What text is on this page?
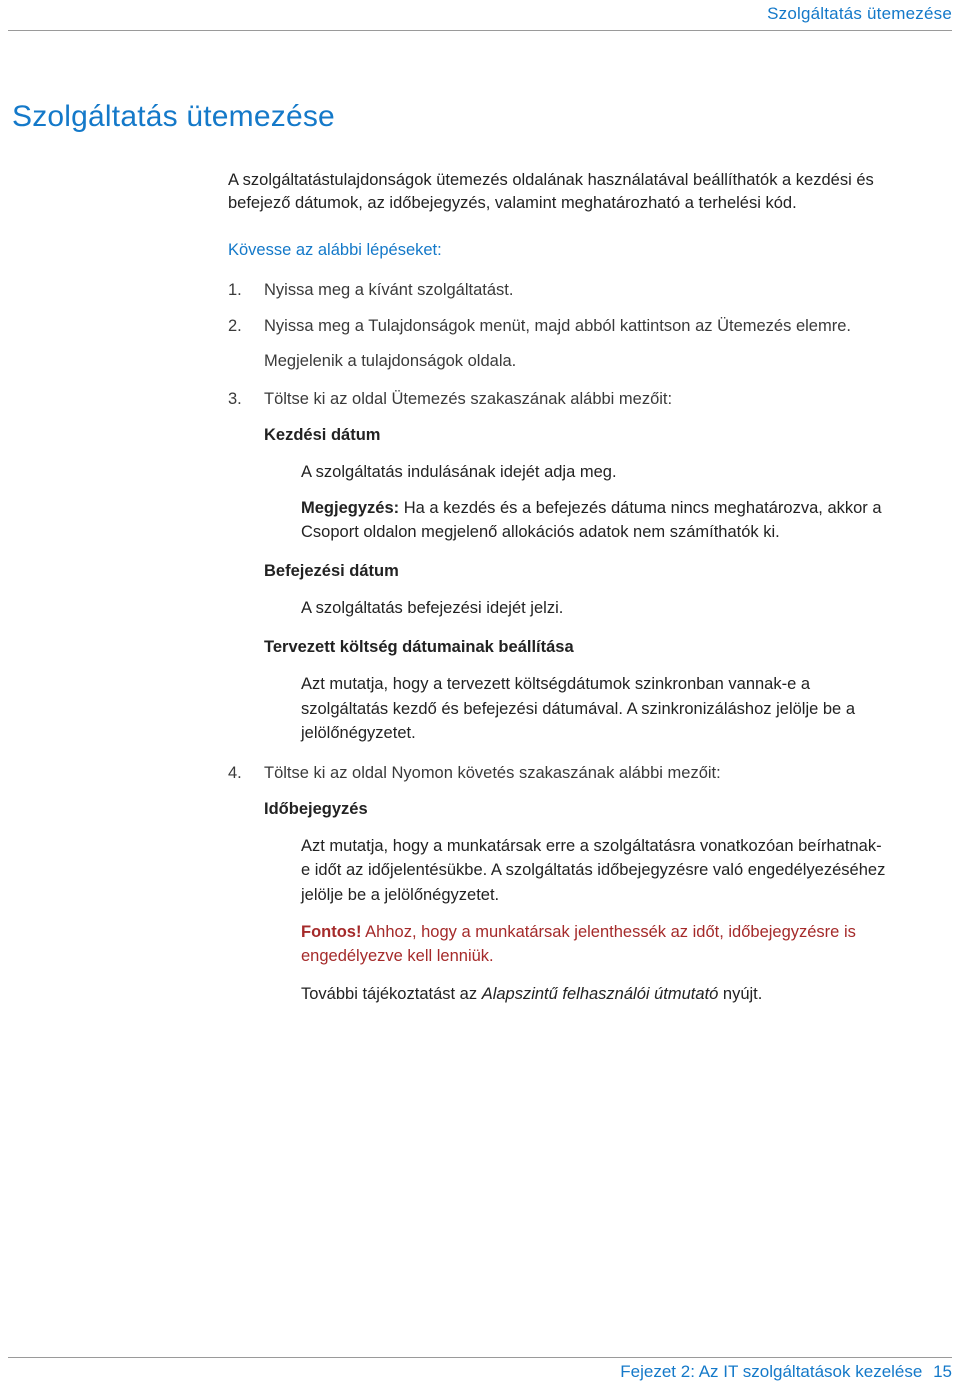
Szolgáltatás ütemezése
Szolgáltatás ütemezése

A szolgáltatástulajdonságok ütemezés oldalának használatával beállíthatók a kezdési és

befejező dátumok, az időbejegyzés, valamint meghatározható a terhelési kód.

Kövesse az alábbi lépéseket:

1. Nyissa meg a kívánt szolgáltatást.
2. Nyissa meg a Tulajdonságok menüt, majd abból kattintson az Ütemezés elemre.
Megjelenik a tulajdonságok oldala.
3. Töltse ki az oldal Ütemezés szakaszának alábbi mezőit:
Kezdési dátum
A szolgáltatás indulásának idejét adja meg.

Megjegyzés: Ha a kezdés és a befejezés dátuma nincs meghatározva, akkor a

Csoport oldalon megjelenő allokációs adatok nem számíthatók ki.
Befejezési dátum
A szolgáltatás befejezési idejét jelzi.
Tervezett költség dátumainak beállítása
Azt mutatja, hogy a tervezett költségdátumok szinkronban vannak-e a
szolgáltatás kezdő és befejezési dátumával. A szinkronizáláshoz jelölje be a
jelölőnégyzetet.
4. Töltse ki az oldal Nyomon követés szakaszának alábbi mezőit:
Időbejegyzés
Azt mutatja, hogy a munkatársak erre a szolgáltatásra vonatkozóan beírhatnak-
e időt az időjelentésükbe. A szolgáltatás időbejegyzésre való engedélyezéséhez
jelölje be a jelölőnégyzetet.

Fontos! Ahhoz, hogy a munkatársak jelenthessék az időt, időbejegyzésre is

engedélyezve kell lenniük.

További tájékoztatást az Alapszintű felhasználói útmutató nyújt.

Fejezet 2: Az IT szolgáltatások kezelése 15
